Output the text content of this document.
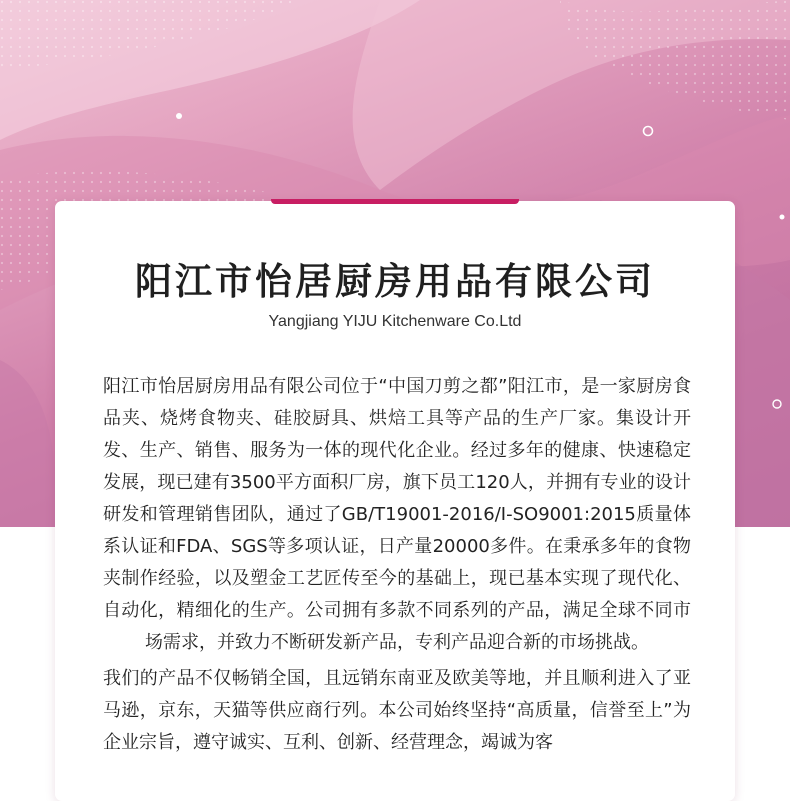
阳江市怡居厨房用品有限公司
Yangjiang YIJU Kitchenware Co.Ltd

阳江市怡居厨房用品有限公司位于“中国刀剪之都”阳江市，是一家厨房食品夹、烧烤食物夹、硅胶厨具、烘焙工具等产品的生产厂家。集设计开发、生产、销售、服务为一体的现代化企业。经过多年的健康、快速稳定发展，现已建有3500平方面积厂房，旗下员工120人，并拥有专业的设计研发和管理销售团队，通过了GB/T19001-2016/I-SO9001:2015质量体系认证和FDA、SGS等多项认证，日产量20000多件。在秉承多年的食物夹制作经验，以及塑金工艺匠传至今的基础上，现已基本实现了现代化、自动化，精细化的生产。公司拥有多款不同系列的产品，满足全球不同市场需求，并致力不断研发新产品，专利产品迎合新的市场挑战。

我们的产品不仅畅销全国，且远销东南亚及欧美等地，并且顺利进入了亚马逊，京东，天猫等供应商行列。本公司始终坚持“高质量，信誉至上”为企业宗旨，遵守诚实、互利、创新、经营理念，竭诚为客
